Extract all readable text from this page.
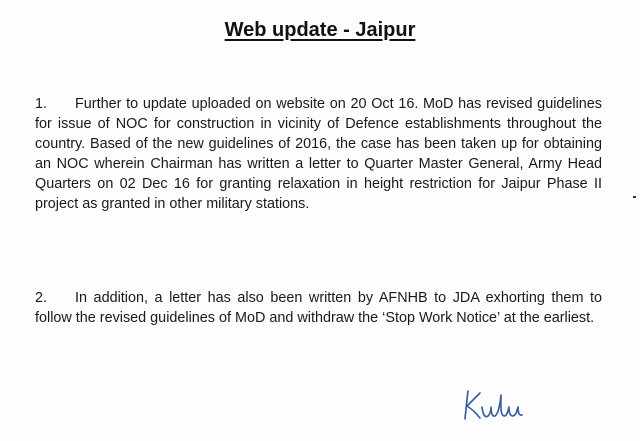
Web update - Jaipur

1. Further to update uploaded on website on 20 Oct 16. MoD has revised guidelines for issue of NOC for construction in vicinity of Defence establishments throughout the country. Based of the new guidelines of 2016, the case has been taken up for obtaining an NOC wherein Chairman has written a letter to Quarter Master General, Army Head Quarters on 02 Dec 16 for granting relaxation in height restriction for Jaipur Phase II project as granted in other military stations.

2. In addition, a letter has also been written by AFNHB to JDA exhorting them to follow the revised guidelines of MoD and withdraw the ‘Stop Work Notice’ at the earliest.
